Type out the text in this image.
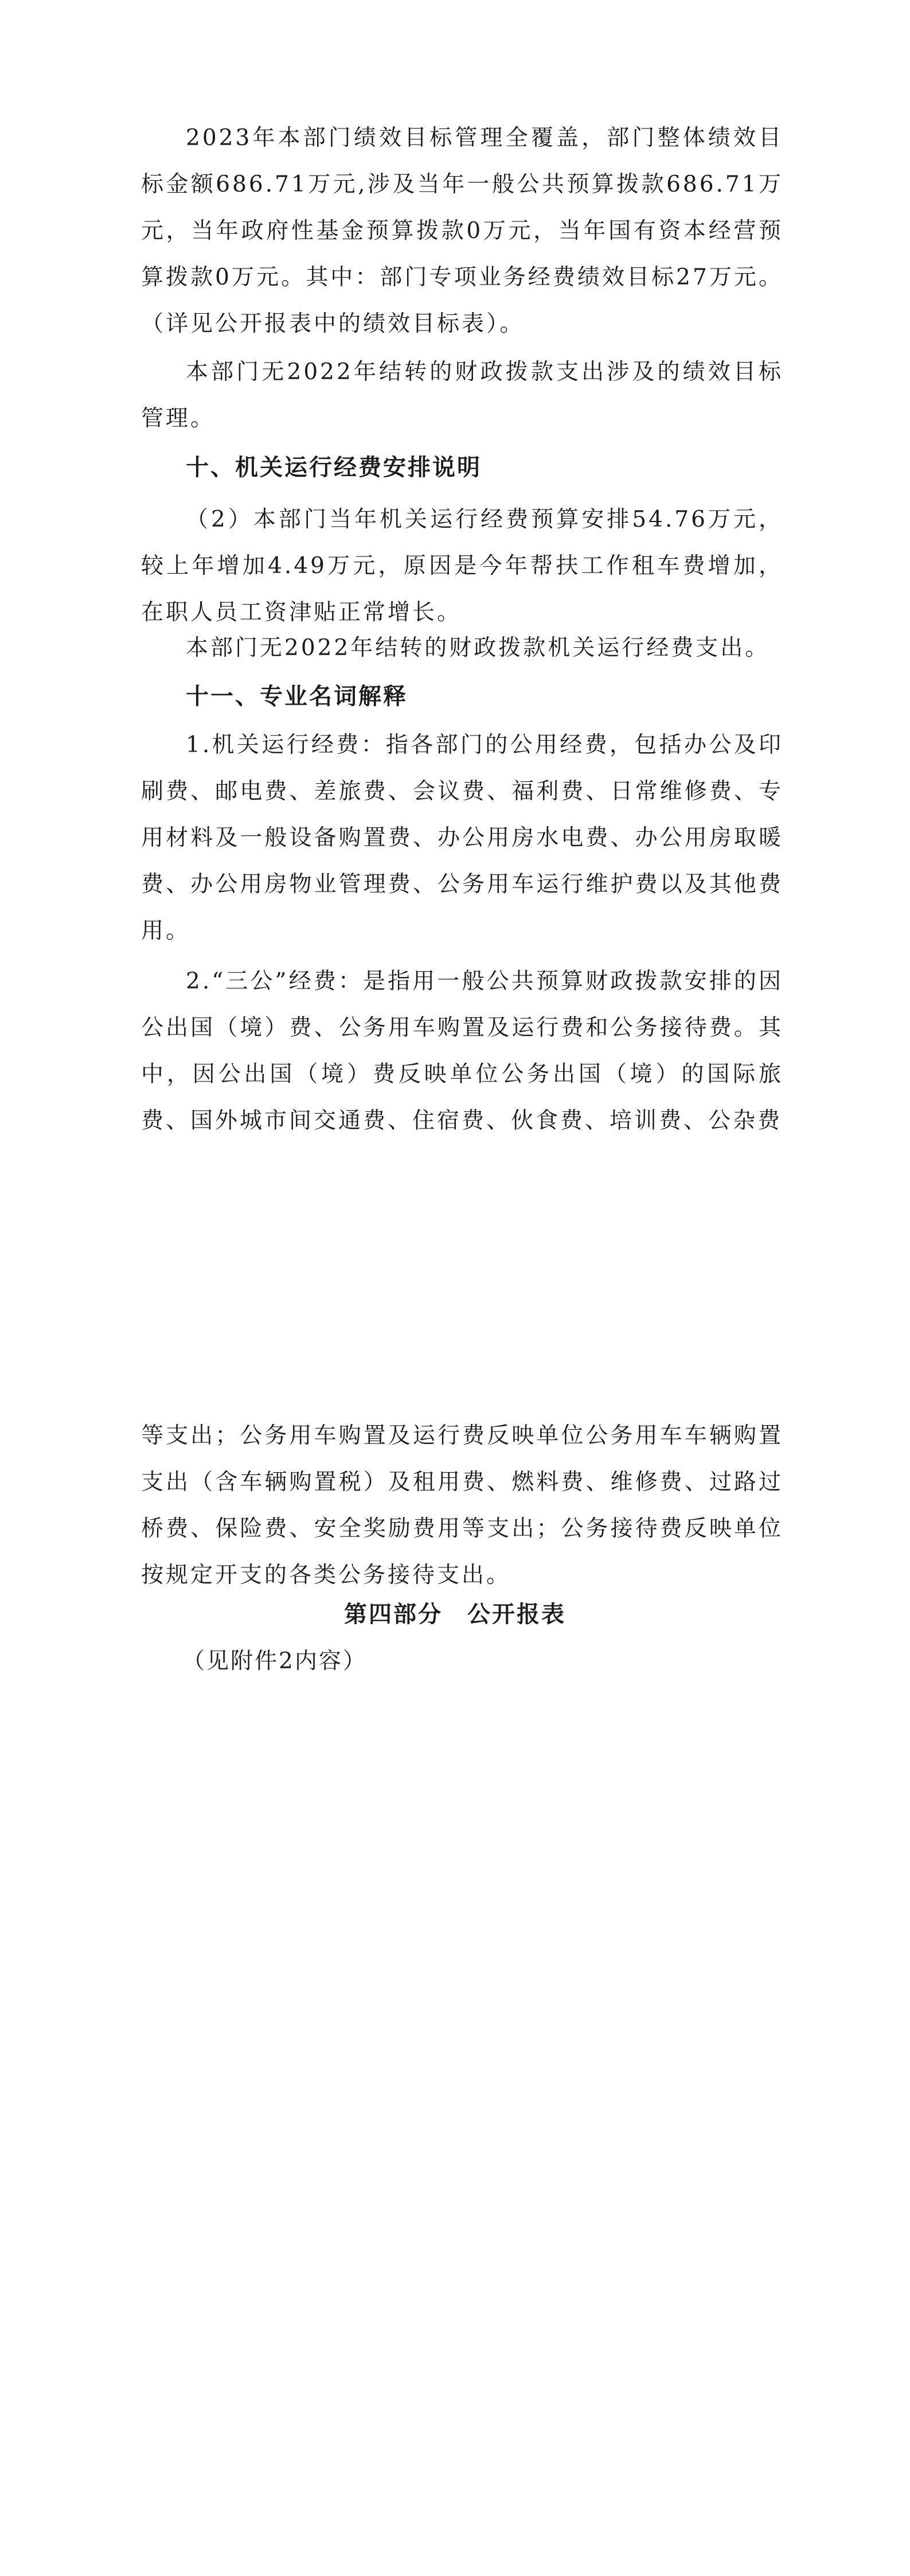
2023年本部门绩效目标管理全覆盖，部门整体绩效目标金额686.71万元,涉及当年一般公共预算拨款686.71万元，当年政府性基金预算拨款0万元，当年国有资本经营预算拨款0万元。其中：部门专项业务经费绩效目标27万元。（详见公开报表中的绩效目标表）。

本部门无2022年结转的财政拨款支出涉及的绩效目标管理。

十、机关运行经费安排说明

（2）本部门当年机关运行经费预算安排54.76万元，较上年增加4.49万元，原因是今年帮扶工作租车费增加，在职人员工资津贴正常增长。

本部门无2022年结转的财政拨款机关运行经费支出。

十一、专业名词解释

1.机关运行经费：指各部门的公用经费，包括办公及印刷费、邮电费、差旅费、会议费、福利费、日常维修费、专用材料及一般设备购置费、办公用房水电费、办公用房取暖费、办公用房物业管理费、公务用车运行维护费以及其他费用。

2.“三公”经费：是指用一般公共预算财政拨款安排的因公出国（境）费、公务用车购置及运行费和公务接待费。其中，因公出国（境）费反映单位公务出国（境）的国际旅费、国外城市间交通费、住宿费、伙食费、培训费、公杂费

等支出；公务用车购置及运行费反映单位公务用车车辆购置支出（含车辆购置税）及租用费、燃料费、维修费、过路过桥费、保险费、安全奖励费用等支出；公务接待费反映单位按规定开支的各类公务接待支出。

第四部分　公开报表

（见附件2内容）
